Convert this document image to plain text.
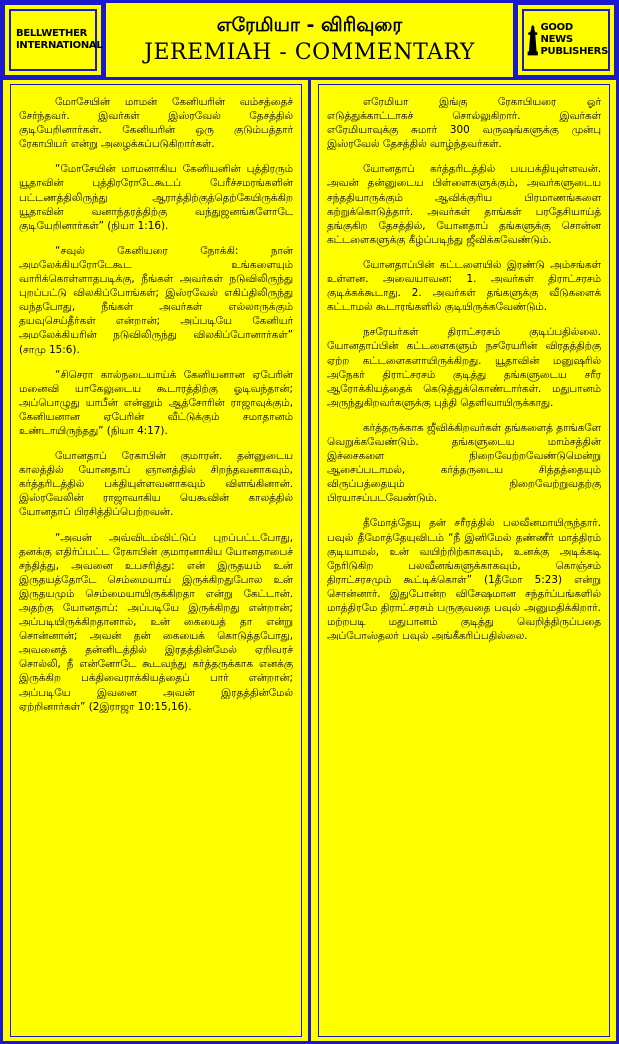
BELLWETHER
INTERNATIONAL
எரேமியா - விரிவுரை
JEREMIAH - COMMENTARY
GOOD NEWS
PUBLISHERS

மோசேயின் மாமன் கேனியரின் வம்சத்தைச் சேர்ந்தவர். இவர்கள் இஸ்ரவேல் தேசத்தில் குடியேறினார்கள். கேனியரின் ஒரு குடும்பத்தார் ரேகாபியர் என்று அழைக்கப்படுகிறார்கள்.

“மோசேயின் மாமனாகிய கேனியனின் புத்திரரும் யூதாவின் புத்திரரோடேகூடப் பேரீச்சமரங்களின் பட்டணத்திலிருந்து ஆராத்திற்குத்தெற்கேயிருக்கிற யூதாவின் வனாந்தரத்திற்கு வந்துஜனங்களோடே குடியேறினார்கள்” (நியா 1:16).

“சவுல் கேனியரை நோக்கி: நான் அமலேக்கியரோடேகூட உங்களையும் வாரிக்கொள்ளாதபடிக்கு, நீங்கள் அவர்கள் நடுவிலிருந்து புறப்பட்டு விலகிப்போங்கள்; இஸ்ரவேல் எகிப்திலிருந்து வந்தபோது, நீங்கள் அவர்கள் எல்லாருக்கும் தயவுசெய்தீர்கள் என்றான்; அப்படியே கேனியர் அமலேக்கியரின் நடுவிலிருந்து விலகிப்போனார்கள்” (சாமு 15:6).

“சிசெரா கால்நடையாய்க் கேனியனான ஏபேரின் மனைவி யாகேலுடைய கூடாரத்திற்கு ஓடிவந்தான்; அப்பொழுது யாபீன் என்னும் ஆத்சோரின் ராஜாவுக்கும், கேனியனான ஏபேரின் வீட்டுக்கும் சமாதானம் உண்டாயிருந்தது” (நியா 4:17).

யோனதாப் ரேகாபின் குமாரன். தன்னுடைய காலத்தில் யோனதாப் ஞானத்தில் சிறந்தவனாகவும், கர்த்தரிடத்தில் பக்தியுள்ளவனாகவும் விளங்கினான். இஸ்ரவேலின் ராஜாவாகிய யெகூவின் காலத்தில் யோனதாப் பிரசித்திப்பெற்றவன்.

“அவன் அவ்விடம்விட்டுப் புறப்பட்டபோது, தனக்கு எதிர்ப்பட்ட ரேகாபின் குமாரனாகிய யோனதாபைச் சந்தித்து, அவனை உபசரித்து: என் இருதயம் உன் இருதயத்தோடே செம்மையாய் இருக்கிறதுபோல உன் இருதயமும் செம்மையாயிருக்கிறதா என்று கேட்டான். அதற்கு யோனதாப்: அப்படியே இருக்கிறது என்றான்; அப்படியிருக்கிறதானால், உன் கையைத் தா என்று சொன்னான்; அவன் தன் கையைக் கொடுத்தபோது, அவனைத் தன்னிடத்தில் இரதத்தின்மேல் ஏறிவரச் சொல்லி, நீ என்னோடே கூடவந்து கர்த்தருக்காக எனக்கு இருக்கிற பக்திவைராக்கியத்தைப் பார் என்றான்; அப்படியே இவனை அவன் இரதத்தின்மேல் ஏற்றினார்கள்” (2இராஜா 10:15,16).

எரேமியா இங்கு ரேகாபியரை ஓர் எடுத்துக்காட்டாகச் சொல்லுகிறார். இவர்கள் எரேமியாவுக்கு சுமார் 300 வருஷங்களுக்கு முன்பு இஸ்ரவேல் தேசத்தில் வாழ்ந்தவர்கள்.

யோனதாப் கர்த்தரிடத்தில் பயபக்தியுள்ளவன். அவன் தன்னுடைய பிள்ளைகளுக்கும், அவர்களுடைய சந்ததியாருக்கும் ஆவிக்குரிய பிரமாணங்களை கற்றுக்கொடுத்தார். அவர்கள் தாங்கள் பரதேசியாய்த் தங்குகிற தேசத்தில், யோனதாப் தங்களுக்கு சொன்ன கட்டளைகளுக்கு கீழ்ப்படிந்து ஜீவிக்கவேண்டும்.

யோனதாப்பின் கட்டளையில் இரண்டு அம்சங்கள் உள்ளன. அவையாவன: 1. அவர்கள் திராட்சரசம் குடிக்கக்கூடாது. 2. அவர்கள் தங்களுக்கு வீடுகளைக் கட்டாமல் கூடாரங்களில் குடியிருக்கவேண்டும்.

நசரேயர்கள் திராட்சரசம் குடிப்பதில்லை. யோனதாப்பின் கட்டளைகளும் நசரேயரின் விரதத்திற்கு ஏற்ற கட்டளைகளாயிருக்கிறது. யூதாவின் மனுஷரில் அநேகர் திராட்சரசம் குடித்து தங்களுடைய சரீர ஆரோக்கியத்தைக் கெடுத்துக்கொண்டார்கள். மதுபானம் அருந்துகிறவர்களுக்கு புத்தி தெளிவாயிருக்காது.

கர்த்தருக்காக ஜீவிக்கிறவர்கள் தங்களைத் தாங்களே வெறுக்கவேண்டும். தங்களுடைய மாம்சத்தின் இச்சைகளை நிறைவேற்றவேண்டுமென்று ஆசைப்படாமல், கர்த்தருடைய சித்தத்தையும் விருப்பத்தையும் நிறைவேற்றுவதற்கு பிரயாசப்படவேண்டும்.

தீமோத்தேயு தன் சரீரத்தில் பலவீனமாயிருந்தார். பவுல் தீமோத்தேயுவிடம் “நீ இனிமேல் தண்ணீர் மாத்திரம் குடியாமல், உன் வயிற்றிற்காகவும், உனக்கு அடிக்கடி நேரிடுகிற பலவீனங்களுக்காகவும், கொஞ்சம் திராட்சரசமும் கூட்டிக்கொள்” (1தீமோ 5:23) என்று சொன்னார். இதுபோன்ற விசேஷமான சந்தர்ப்பங்களில் மாத்திரமே திராட்சரசம் பருகுவதை பவுல் அனுமதிக்கிறார். மற்றபடி மதுபானம் குடித்து வெறித்திருப்பதை அப்போஸ்தலர் பவுல் அங்கீகரிப்பதில்லை.
